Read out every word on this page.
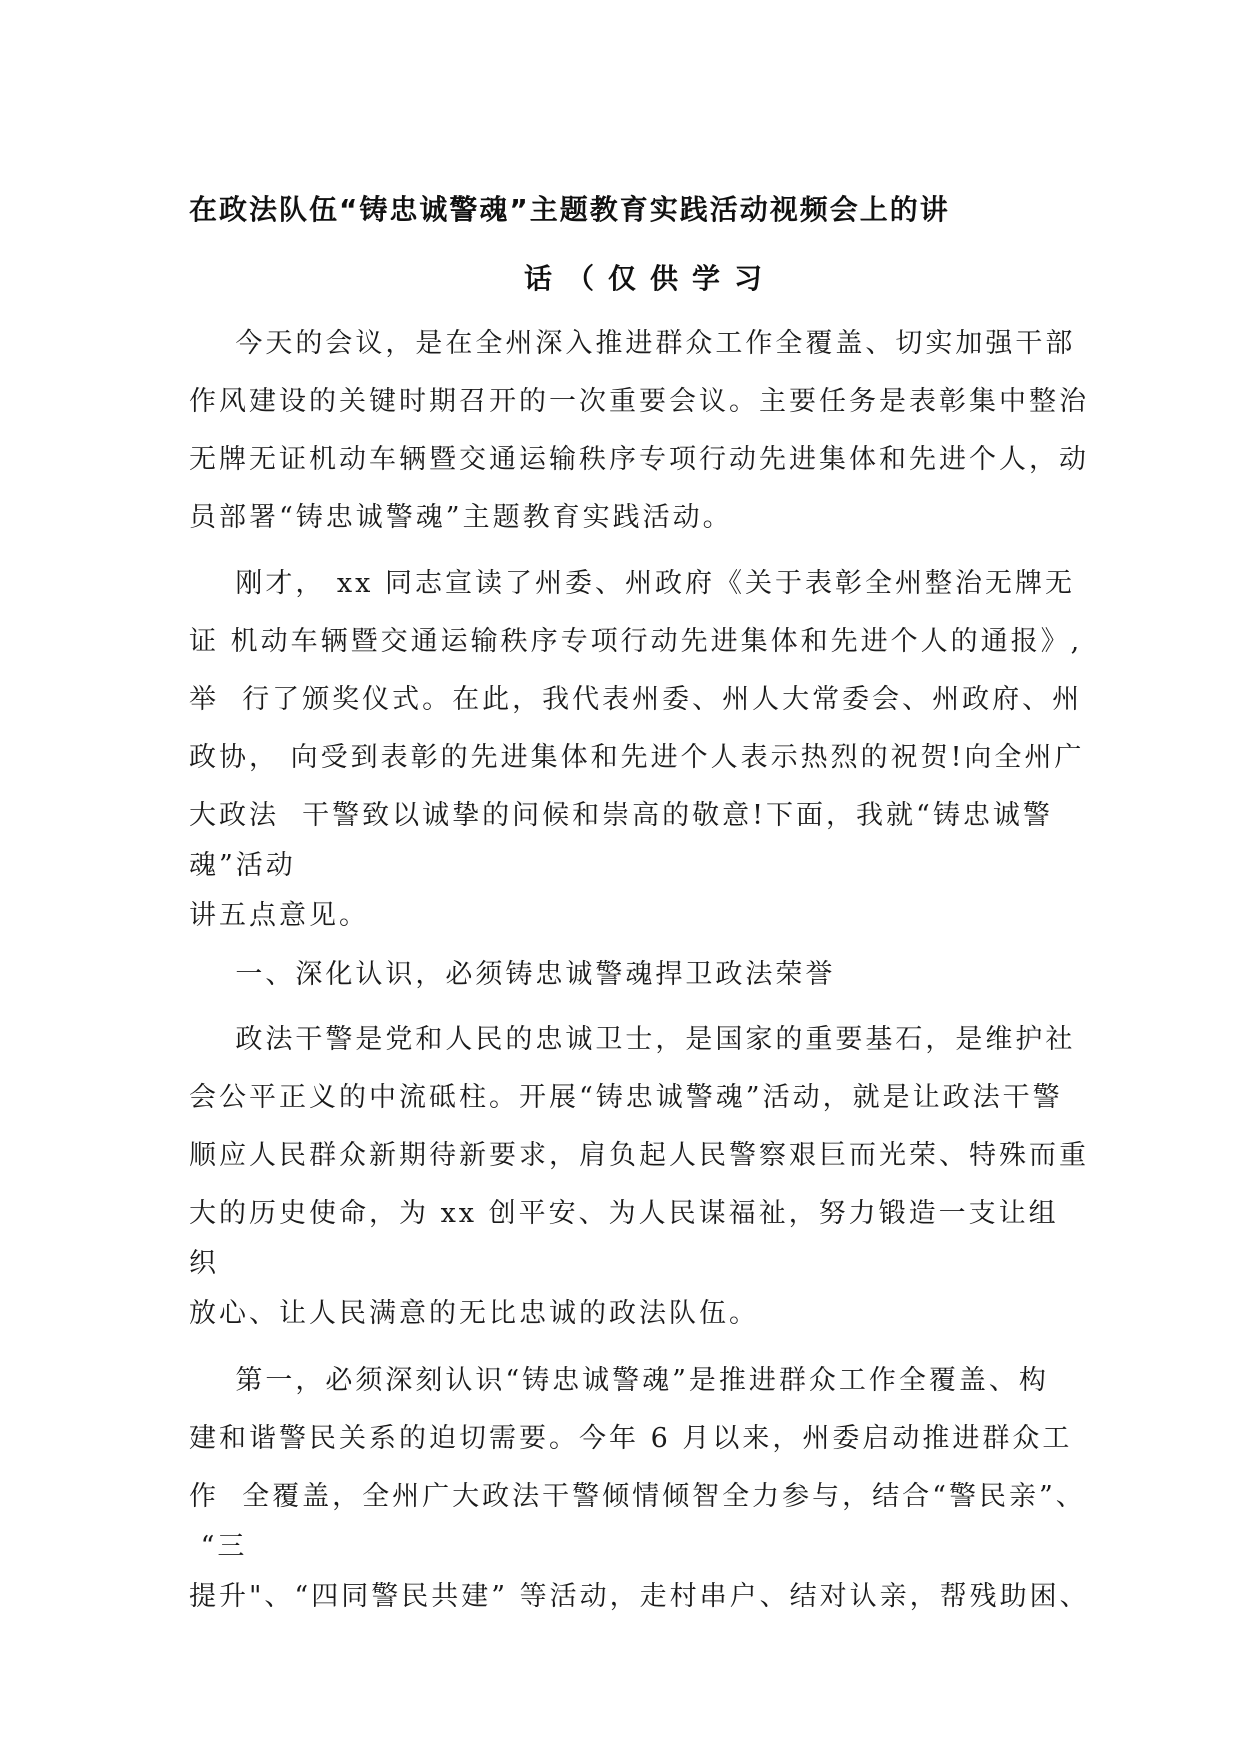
在政法队伍“铸忠诚警魂”主题教育实践活动视频会上的讲
话（仅供学习
今天的会议，是在全州深入推进群众工作全覆盖、切实加强干部
作风建设的关键时期召开的一次重要会议。主要任务是表彰集中整治
无牌无证机动车辆暨交通运输秩序专项行动先进集体和先进个人，动
员部署“铸忠诚警魂”主题教育实践活动。
刚才， xx 同志宣读了州委、州政府《关于表彰全州整治无牌无
证 机动车辆暨交通运输秩序专项行动先进集体和先进个人的通报》,
举  行了颁奖仪式。在此，我代表州委、州人大常委会、州政府、州
政协， 向受到表彰的先进集体和先进个人表示热烈的祝贺!向全州广
大政法  干警致以诚挚的问候和崇高的敬意!下面，我就“铸忠诚警
魂”活动
讲五点意见。
一、深化认识，必须铸忠诚警魂捍卫政法荣誉
政法干警是党和人民的忠诚卫士，是国家的重要基石，是维护社
会公平正义的中流砥柱。开展“铸忠诚警魂”活动，就是让政法干警
顺应人民群众新期待新要求，肩负起人民警察艰巨而光荣、特殊而重
大的历史使命，为 xx 创平安、为人民谋福祉，努力锻造一支让组
织
放心、让人民满意的无比忠诚的政法队伍。
第一，必须深刻认识“铸忠诚警魂”是推进群众工作全覆盖、构
建和谐警民关系的迫切需要。今年 6 月以来，州委启动推进群众工
作  全覆盖，全州广大政法干警倾情倾智全力参与，结合“警民亲”、
“三
提升"、“四同警民共建” 等活动，走村串户、结对认亲，帮残助困、
